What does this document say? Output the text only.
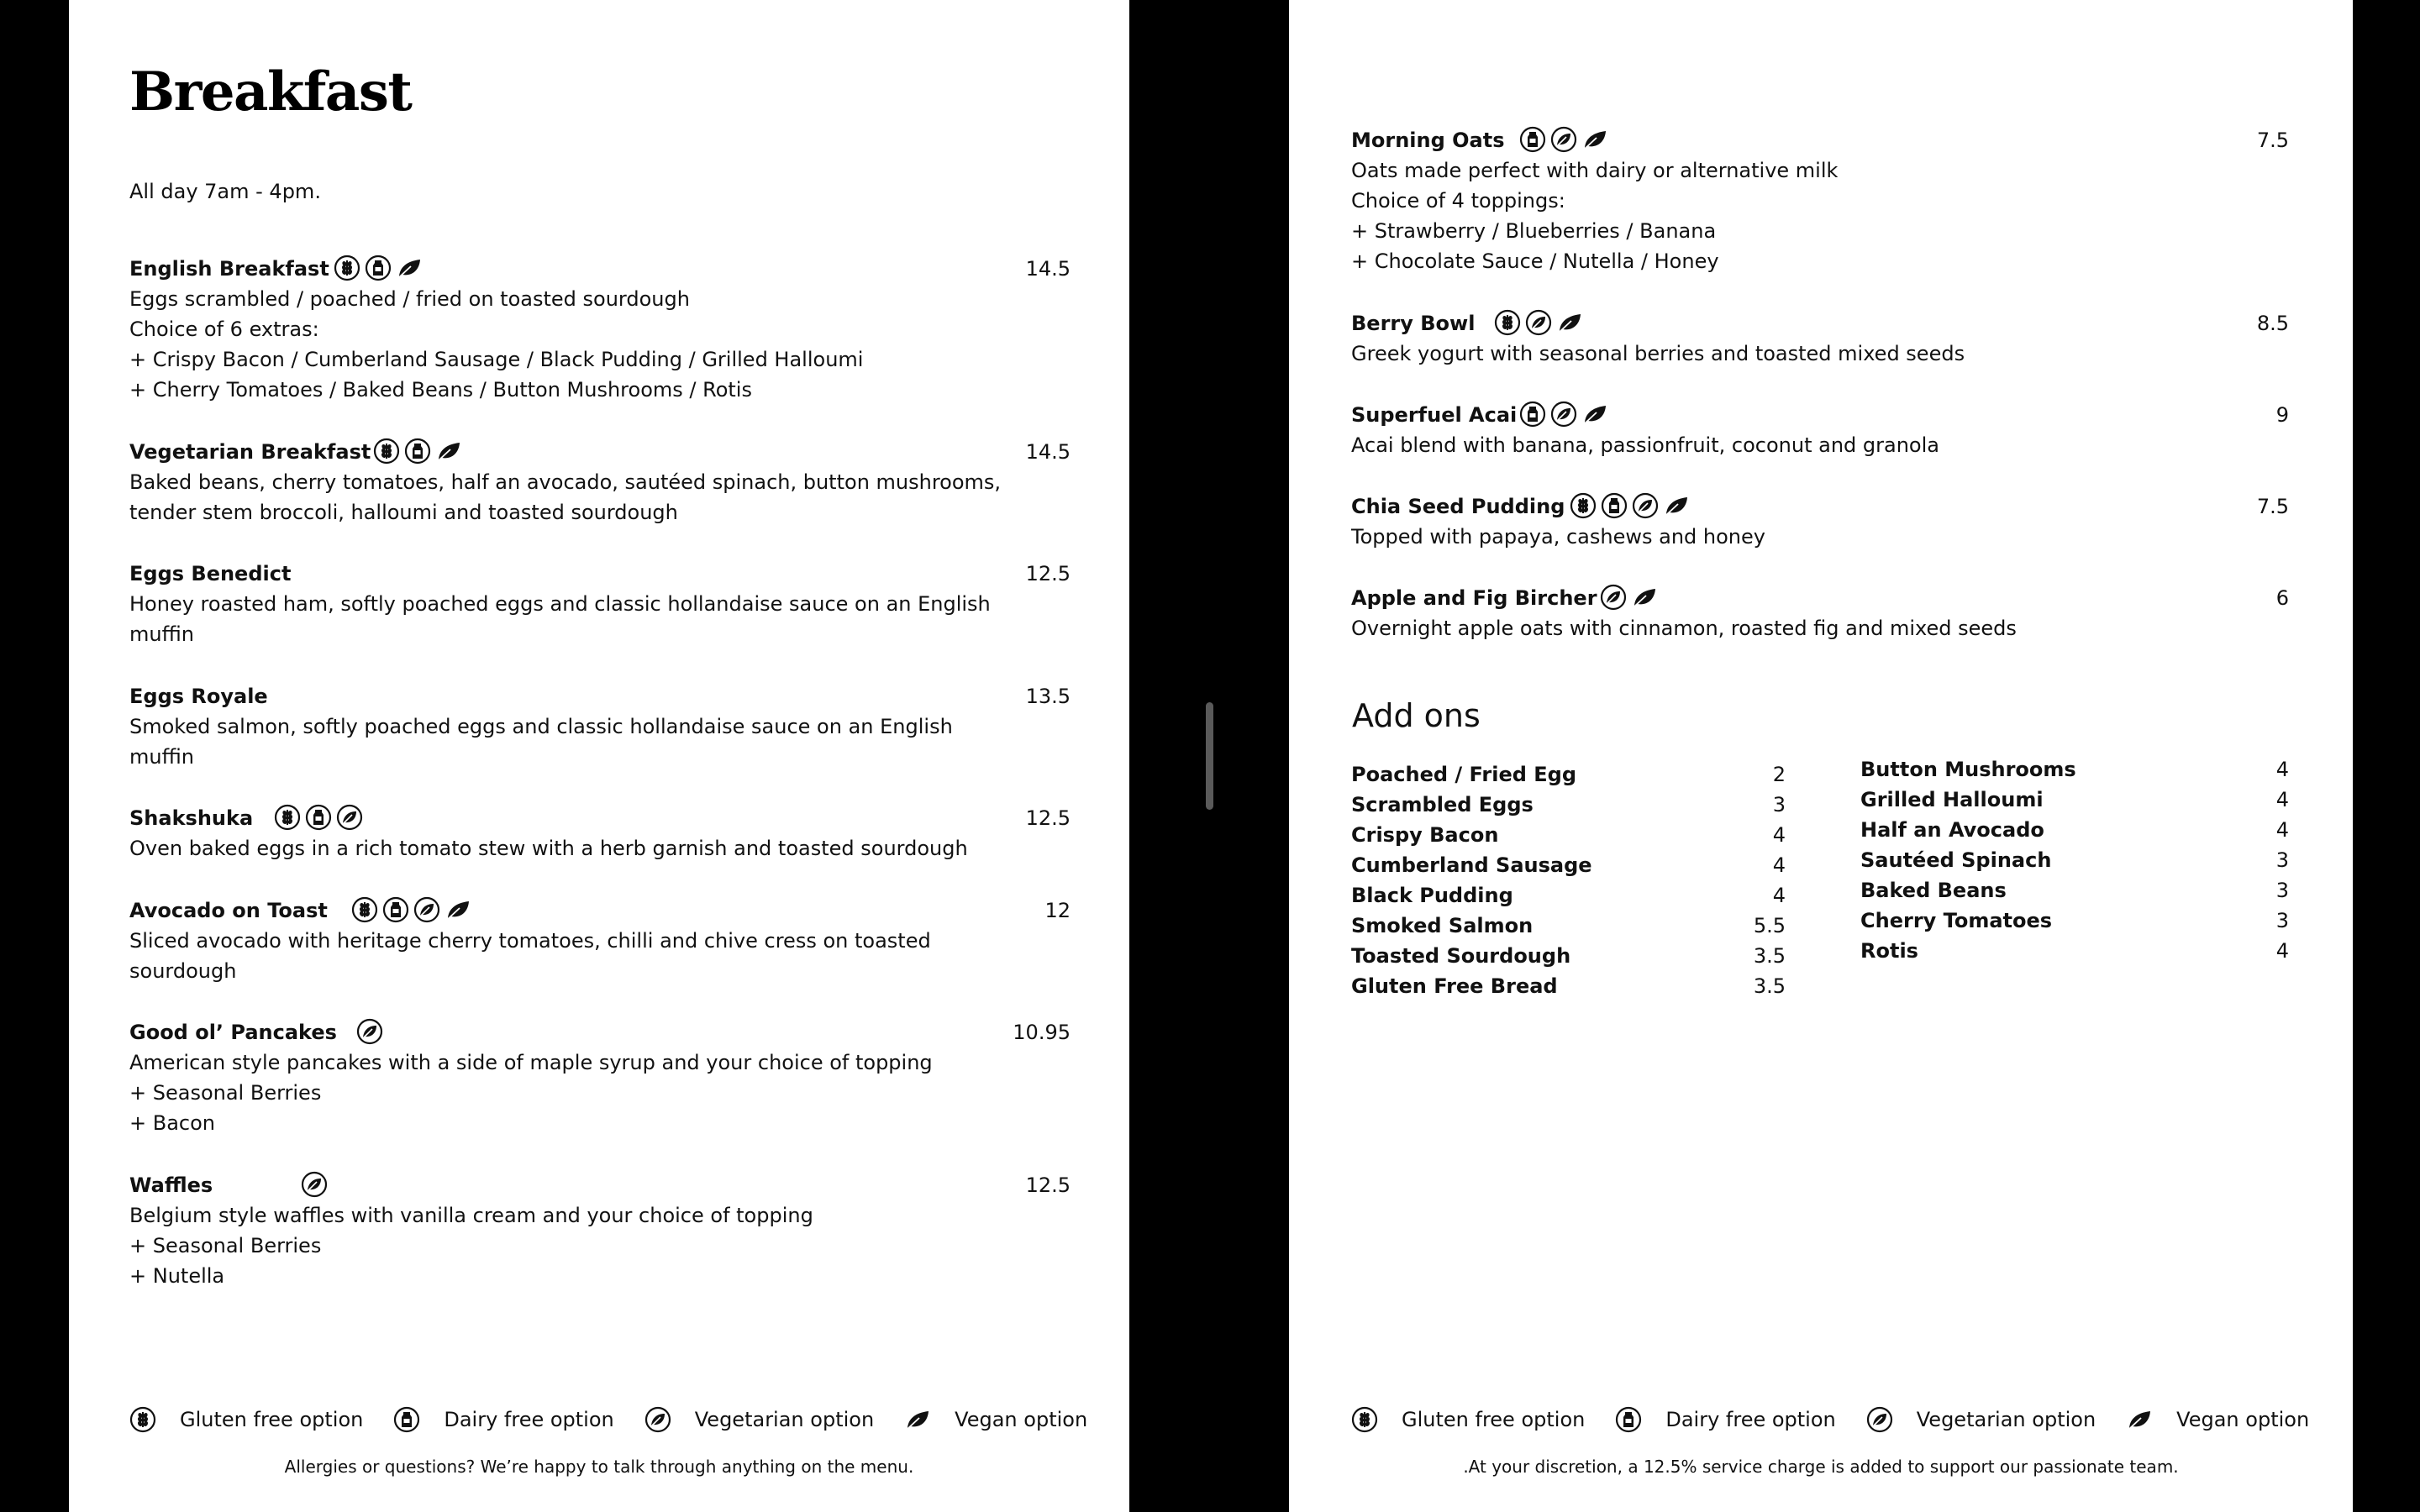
Breakfast
All day 7am - 4pm.
English Breakfast	14.5
Eggs scrambled / poached / fried on toasted sourdough
Choice of 6 extras:
+ Crispy Bacon / Cumberland Sausage / Black Pudding / Grilled Halloumi
+ Cherry Tomatoes / Baked Beans / Button Mushrooms / Rotis
Vegetarian Breakfast	14.5
Baked beans, cherry tomatoes, half an avocado, sautéed spinach, button mushrooms,
tender stem broccoli, halloumi and toasted sourdough
Eggs Benedict	12.5
Honey roasted ham, softly poached eggs and classic hollandaise sauce on an English
muffin
Eggs Royale	13.5
Smoked salmon, softly poached eggs and classic hollandaise sauce on an English
muffin
Shakshuka	12.5
Oven baked eggs in a rich tomato stew with a herb garnish and toasted sourdough
Avocado on Toast	12
Sliced avocado with heritage cherry tomatoes, chilli and chive cress on toasted
sourdough
Good ol’ Pancakes	10.95
American style pancakes with a side of maple syrup and your choice of topping
+ Seasonal Berries
+ Bacon
Waffles	12.5
Belgium style waffles with vanilla cream and your choice of topping
+ Seasonal Berries
+ Nutella
Gluten free option	Dairy free option	Vegetarian option	Vegan option
Allergies or questions? We’re happy to talk through anything on the menu.
Morning Oats	7.5
Oats made perfect with dairy or alternative milk
Choice of 4 toppings:
+ Strawberry / Blueberries / Banana
+ Chocolate Sauce / Nutella / Honey
Berry Bowl	8.5
Greek yogurt with seasonal berries and toasted mixed seeds
Superfuel Acai	9
Acai blend with banana, passionfruit, coconut and granola
Chia Seed Pudding	7.5
Topped with papaya, cashews and honey
Apple and Fig Bircher	6
Overnight apple oats with cinnamon, roasted fig and mixed seeds
Add ons
Poached / Fried Egg	2
Scrambled Eggs	3
Crispy Bacon	4
Cumberland Sausage	4
Black Pudding	4
Smoked Salmon	5.5
Toasted Sourdough	3.5
Gluten Free Bread	3.5
Button Mushrooms	4
Grilled Halloumi	4
Half an Avocado	4
Sautéed Spinach	3
Baked Beans	3
Cherry Tomatoes	3
Rotis	4
Gluten free option	Dairy free option	Vegetarian option	Vegan option
.At your discretion, a 12.5% service charge is added to support our passionate team.
